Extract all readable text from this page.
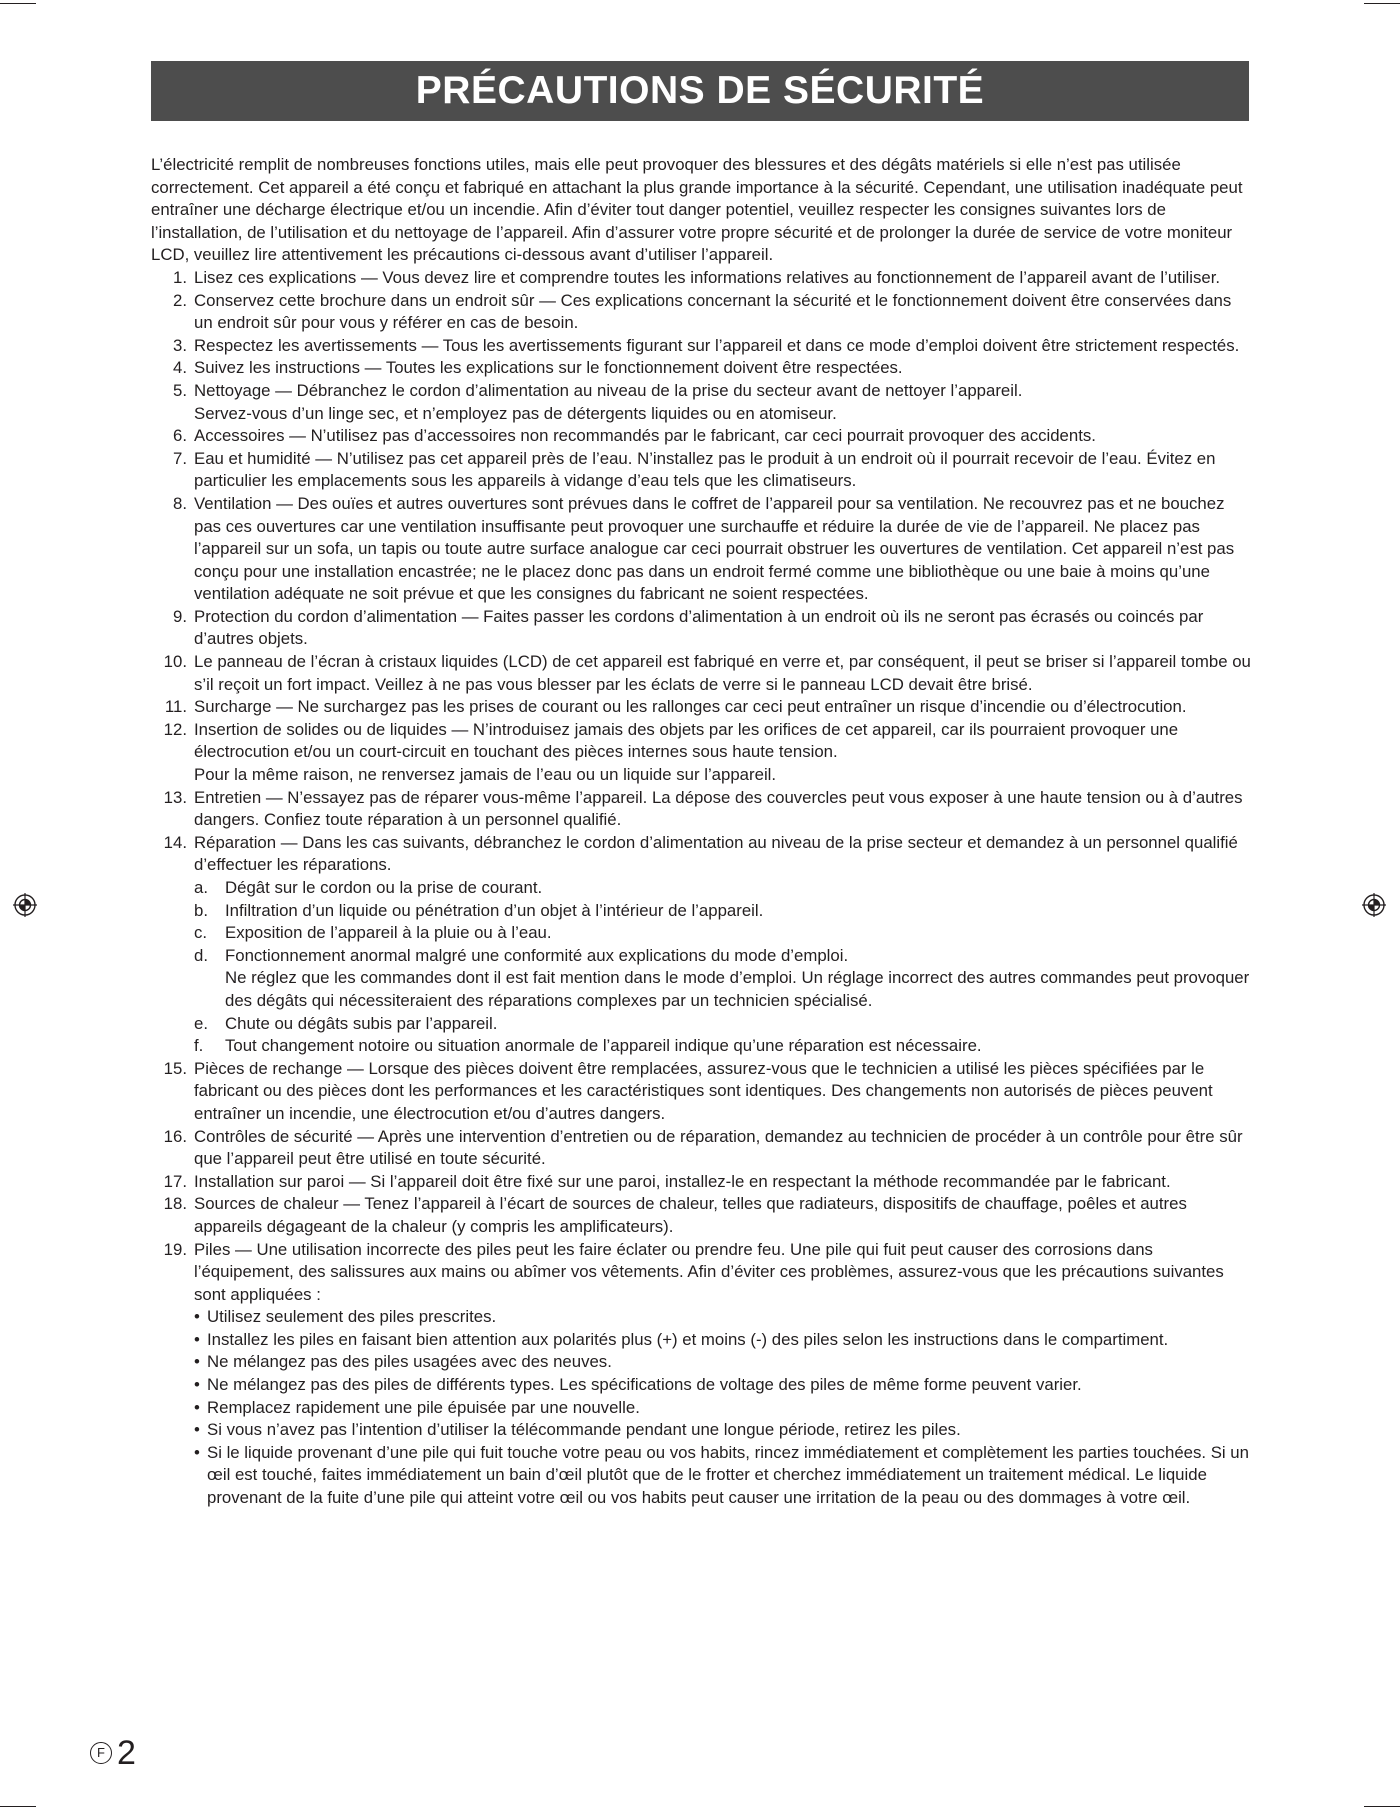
PRÉCAUTIONS DE SÉCURITÉ

L’électricité remplit de nombreuses fonctions utiles, mais elle peut provoquer des blessures et des dégâts matériels si elle n’est pas utilisée correctement. Cet appareil a été conçu et fabriqué en attachant la plus grande importance à la sécurité. Cependant, une utilisation inadéquate peut entraîner une décharge électrique et/ou un incendie. Afin d’éviter tout danger potentiel, veuillez respecter les consignes suivantes lors de l’installation, de l’utilisation et du nettoyage de l’appareil. Afin d’assurer votre propre sécurité et de prolonger la durée de service de votre moniteur LCD, veuillez lire attentivement les précautions ci-dessous avant d’utiliser l’appareil.

1. Lisez ces explications — Vous devez lire et comprendre toutes les informations relatives au fonctionnement de l’appareil avant de l’utiliser.
2. Conservez cette brochure dans un endroit sûr — Ces explications concernant la sécurité et le fonctionnement doivent être conservées dans un endroit sûr pour vous y référer en cas de besoin.
3. Respectez les avertissements — Tous les avertissements figurant sur l’appareil et dans ce mode d’emploi doivent être strictement respectés.
4. Suivez les instructions — Toutes les explications sur le fonctionnement doivent être respectées.
5. Nettoyage — Débranchez le cordon d’alimentation au niveau de la prise du secteur avant de nettoyer l’appareil.
Servez-vous d’un linge sec, et n’employez pas de détergents liquides ou en atomiseur.
6. Accessoires — N’utilisez pas d’accessoires non recommandés par le fabricant, car ceci pourrait provoquer des accidents.
7. Eau et humidité — N’utilisez pas cet appareil près de l’eau. N’installez pas le produit à un endroit où il pourrait recevoir de l’eau. Évitez en particulier les emplacements sous les appareils à vidange d’eau tels que les climatiseurs.
8. Ventilation — Des ouïes et autres ouvertures sont prévues dans le coffret de l’appareil pour sa ventilation. Ne recouvrez pas et ne bouchez pas ces ouvertures car une ventilation insuffisante peut provoquer une surchauffe et réduire la durée de vie de l’appareil. Ne placez pas l’appareil sur un sofa, un tapis ou toute autre surface analogue car ceci pourrait obstruer les ouvertures de ventilation. Cet appareil n’est pas conçu pour une installation encastrée; ne le placez donc pas dans un endroit fermé comme une bibliothèque ou une baie à moins qu’une ventilation adéquate ne soit prévue et que les consignes du fabricant ne soient respectées.
9. Protection du cordon d’alimentation — Faites passer les cordons d’alimentation à un endroit où ils ne seront pas écrasés ou coincés par d’autres objets.
10. Le panneau de l’écran à cristaux liquides (LCD) de cet appareil est fabriqué en verre et, par conséquent, il peut se briser si l’appareil tombe ou s’il reçoit un fort impact. Veillez à ne pas vous blesser par les éclats de verre si le panneau LCD devait être brisé.
11. Surcharge — Ne surchargez pas les prises de courant ou les rallonges car ceci peut entraîner un risque d’incendie ou d’électrocution.
12. Insertion de solides ou de liquides — N’introduisez jamais des objets par les orifices de cet appareil, car ils pourraient provoquer une électrocution et/ou un court-circuit en touchant des pièces internes sous haute tension.
Pour la même raison, ne renversez jamais de l’eau ou un liquide sur l’appareil.
13. Entretien — N’essayez pas de réparer vous-même l’appareil. La dépose des couvercles peut vous exposer à une haute tension ou à d’autres dangers. Confiez toute réparation à un personnel qualifié.
14. Réparation — Dans les cas suivants, débranchez le cordon d’alimentation au niveau de la prise secteur et demandez à un personnel qualifié d’effectuer les réparations.
a. Dégât sur le cordon ou la prise de courant.
b. Infiltration d’un liquide ou pénétration d’un objet à l’intérieur de l’appareil.
c. Exposition de l’appareil à la pluie ou à l’eau.
d. Fonctionnement anormal malgré une conformité aux explications du mode d’emploi.
Ne réglez que les commandes dont il est fait mention dans le mode d’emploi. Un réglage incorrect des autres commandes peut provoquer des dégâts qui nécessiteraient des réparations complexes par un technicien spécialisé.
e. Chute ou dégâts subis par l’appareil.
f. Tout changement notoire ou situation anormale de l’appareil indique qu’une réparation est nécessaire.
15. Pièces de rechange — Lorsque des pièces doivent être remplacées, assurez-vous que le technicien a utilisé les pièces spécifiées par le fabricant ou des pièces dont les performances et les caractéristiques sont identiques. Des changements non autorisés de pièces peuvent entraîner un incendie, une électrocution et/ou d’autres dangers.
16. Contrôles de sécurité — Après une intervention d’entretien ou de réparation, demandez au technicien de procéder à un contrôle pour être sûr que l’appareil peut être utilisé en toute sécurité.
17. Installation sur paroi — Si l’appareil doit être fixé sur une paroi, installez-le en respectant la méthode recommandée par le fabricant.
18. Sources de chaleur — Tenez l’appareil à l’écart de sources de chaleur, telles que radiateurs, dispositifs de chauffage, poêles et autres appareils dégageant de la chaleur (y compris les amplificateurs).
19. Piles — Une utilisation incorrecte des piles peut les faire éclater ou prendre feu. Une pile qui fuit peut causer des corrosions dans l’équipement, des salissures aux mains ou abîmer vos vêtements. Afin d’éviter ces problèmes, assurez-vous que les précautions suivantes sont appliquées :
• Utilisez seulement des piles prescrites.
• Installez les piles en faisant bien attention aux polarités plus (+) et moins (-) des piles selon les instructions dans le compartiment.
• Ne mélangez pas des piles usagées avec des neuves.
• Ne mélangez pas des piles de différents types. Les spécifications de voltage des piles de même forme peuvent varier.
• Remplacez rapidement une pile épuisée par une nouvelle.
• Si vous n’avez pas l’intention d’utiliser la télécommande pendant une longue période, retirez les piles.
• Si le liquide provenant d’une pile qui fuit touche votre peau ou vos habits, rincez immédiatement et complètement les parties touchées. Si un œil est touché, faites immédiatement un bain d’œil plutôt que de le frotter et cherchez immédiatement un traitement médical. Le liquide provenant de la fuite d’une pile qui atteint votre œil ou vos habits peut causer une irritation de la peau ou des dommages à votre œil.
F 2
